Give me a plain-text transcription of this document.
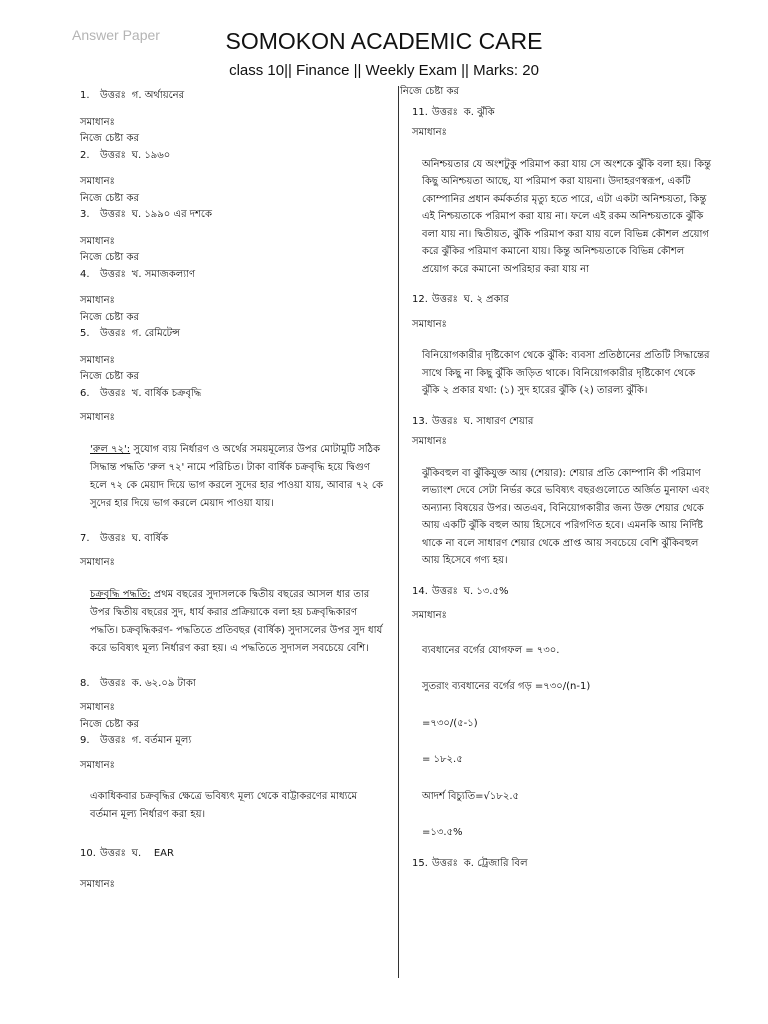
Answer Paper	SOMOKON ACADEMIC CARE
class 10|| Finance || Weekly Exam || Marks: 20
1.	উত্তরঃ গ. অর্থায়নের
সমাধানঃ
নিজে চেষ্টা কর
2.	উত্তরঃ ঘ. ১৯৬০
সমাধানঃ
নিজে চেষ্টা কর
3.	উত্তরঃ ঘ. ১৯৯০ এর দশকে
সমাধানঃ
নিজে চেষ্টা কর
4.	উত্তরঃ খ. সমাজকল্যাণ
সমাধানঃ
নিজে চেষ্টা কর
5.	উত্তরঃ গ. রেমিটেন্স
সমাধানঃ
নিজে চেষ্টা কর
6.	উত্তরঃ খ. বার্ষিক চক্রবৃদ্ধি
সমাধানঃ
'রুল ৭২': সুযোগ ব্যয় নির্ধারণ ও অর্থের সময়মূল্যের উপর মোটামুটি সঠিক সিদ্ধান্ত পদ্ধতি 'রুল ৭২' নামে পরিচিত। টাকা বার্ষিক চক্রবৃদ্ধি হয়ে দ্বিগুণ হলে ৭২ কে মেয়াদ দিয়ে ভাগ করলে সুদের হার পাওয়া যায়, আবার ৭২ কে সুদের হার দিয়ে ভাগ করলে মেয়াদ পাওয়া যায়।
7.	উত্তরঃ ঘ. বার্ষিক
সমাধানঃ
চক্রবৃদ্ধি পদ্ধতি: প্রথম বছরের সুদাসলকে দ্বিতীয় বছরের আসল ধার তার উপর দ্বিতীয় বছরের সুদ, ধার্য করার প্রক্রিয়াকে বলা হয় চক্রবৃদ্ধিকারণ পদ্ধতি। চক্রবৃদ্ধিকরণ- পদ্ধতিতে প্রতিবছর (বার্ষিক) সুদাসলের উপর সুদ ধার্য করে ভবিষ্যৎ মূল্য নির্ধারণ করা হয়। এ পদ্ধতিতে সুদাসল সবচেয়ে বেশি।
8.	উত্তরঃ ক. ৬২.০৯ টাকা
সমাধানঃ
নিজে চেষ্টা কর
9.	উত্তরঃ গ. বর্তমান মূল্য
সমাধানঃ
একাধিকবার চক্রবৃদ্ধির ক্ষেত্রে ভবিষ্যৎ মূল্য থেকে বাট্টাকরণের মাধ্যমে বর্তমান মূল্য নির্ধারণ করা হয়।
10. উত্তরঃ ঘ.    EAR
সমাধানঃ
নিজে চেষ্টা কর
11. উত্তরঃ ক. ঝুঁকি
সমাধানঃ
অনিশ্চয়তার যে অংশটুকু পরিমাপ করা যায় সে অংশকে ঝুঁকি বলা হয়। কিন্তু কিছু অনিশ্চয়তা আছে, যা পরিমাপ করা যায়না। উদাহরণস্বরূপ, একটি কোম্পানির প্রধান কর্মকর্তার মৃত্যু হতে পারে, এটা একটা অনিশ্চয়তা, কিন্তু এই নিশ্চয়তাকে পরিমাপ করা যায় না। ফলে এই রকম অনিশ্চয়তাকে ঝুঁকি বলা যায় না। দ্বিতীয়ত, ঝুঁকি পরিমাপ করা যায় বলে বিভিন্ন কৌশল প্রয়োগ করে ঝুঁকির পরিমাণ কমানো যায়। কিন্তু অনিশ্চয়তাকে বিভিন্ন কৌশল প্রয়োগ করে কমানো অপরিহার করা যায় না
12. উত্তরঃ ঘ. ২ প্রকার
সমাধানঃ
বিনিয়োগকারীর দৃষ্টিকোণ থেকে ঝুঁকি: ব্যবসা প্রতিষ্ঠানের প্রতিটি সিদ্ধান্তের সাথে কিছু না কিছু ঝুঁকি জড়িত থাকে। বিনিয়োগকারীর দৃষ্টিকোণ থেকে ঝুঁকি ২ প্রকার যথা: (১) সুদ হারের ঝুঁকি (২) তারল্য ঝুঁকি।
13. উত্তরঃ ঘ. সাধারণ শেয়ার
সমাধানঃ
ঝুঁকিবহুল বা ঝুঁকিযুক্ত আয় (শেয়ার): শেয়ার প্রতি কোম্পানি কী পরিমাণ লভ্যাংশ দেবে সেটা নির্ভর করে ভবিষ্যৎ বছরগুলোতে অর্জিত মুনাফা এবং অন্যান্য বিষয়ের উপর। অতএব, বিনিয়োগকারীর জন্য উক্ত শেয়ার থেকে আয় একটি ঝুঁকি বহুল আয় হিসেবে পরিগণিত হবে। এমনকি আয় নির্দিষ্ট থাকে না বলে সাধারণ শেয়ার থেকে প্রাপ্ত আয় সবচেয়ে বেশি ঝুঁকিবহুল আয় হিসেবে গণ্য হয়।
14. উত্তরঃ ঘ. ১৩.৫%
সমাধানঃ
ব্যবধানের বর্গের যোগফল = ৭৩০.
সুতরাং ব্যবধানের বর্গের গড় =৭৩০/(n-1)
=৭৩০/(৫-১)
= ১৮২.৫
আদর্শ বিচ্যুতি=√১৮২.৫
=১৩.৫%
15. উত্তরঃ ক. ট্রেজারি বিল
